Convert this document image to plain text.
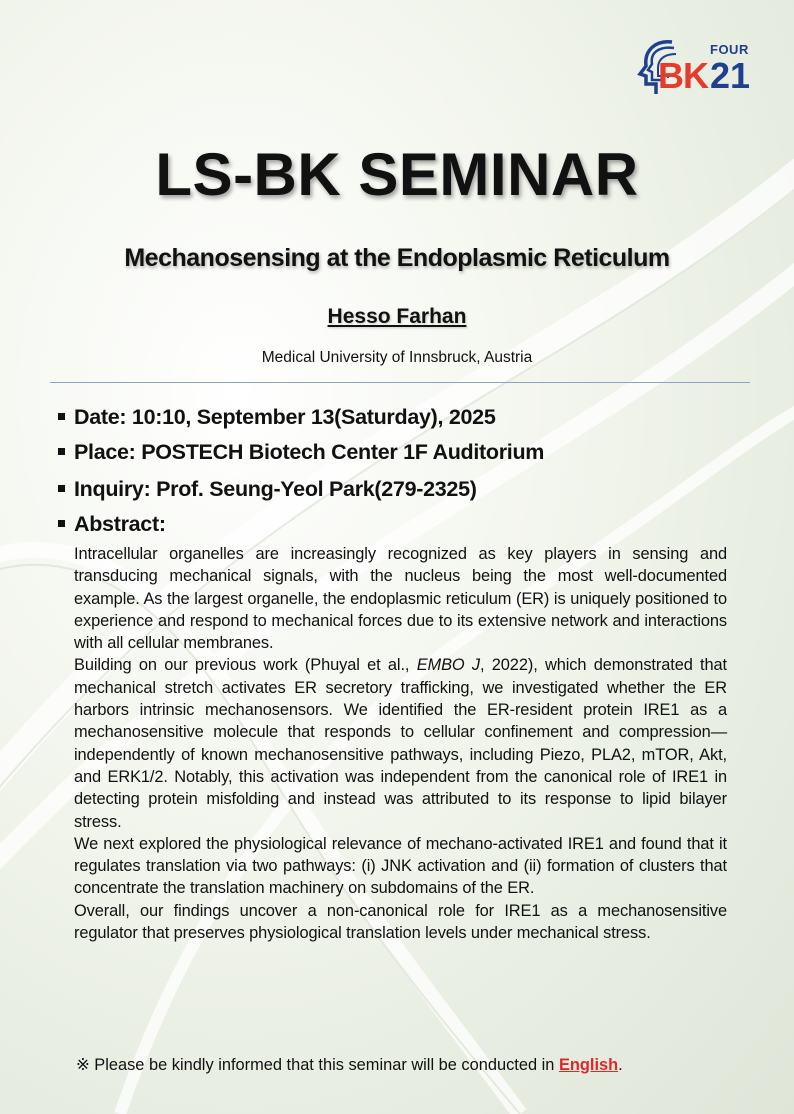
FOUR
BK 21
LS-BK SEMINAR
Mechanosensing at the Endoplasmic Reticulum
Hesso Farhan
Medical University of Innsbruck, Austria
Date: 10:10, September 13(Saturday), 2025
Place: POSTECH Biotech Center 1F Auditorium
Inquiry: Prof. Seung-Yeol Park(279-2325)
Abstract:

Intracellular organelles are increasingly recognized as key players in sensing and transducing mechanical signals, with the nucleus being the most well-documented example. As the largest organelle, the endoplasmic reticulum (ER) is uniquely positioned to experience and respond to mechanical forces due to its extensive network and interactions with all cellular membranes.

Building on our previous work (Phuyal et al., EMBO J, 2022), which demonstrated that mechanical stretch activates ER secretory trafficking, we investigated whether the ER harbors intrinsic mechanosensors. We identified the ER-resident protein IRE1 as a mechanosensitive molecule that responds to cellular confinement and compression—independently of known mechanosensitive pathways, including Piezo, PLA2, mTOR, Akt, and ERK1/2. Notably, this activation was independent from the canonical role of IRE1 in detecting protein misfolding and instead was attributed to its response to lipid bilayer stress.

We next explored the physiological relevance of mechano-activated IRE1 and found that it regulates translation via two pathways: (i) JNK activation and (ii) formation of clusters that concentrate the translation machinery on subdomains of the ER.

Overall, our findings uncover a non-canonical role for IRE1 as a mechanosensitive regulator that preserves physiological translation levels under mechanical stress.

※ Please be kindly informed that this seminar will be conducted in English.
